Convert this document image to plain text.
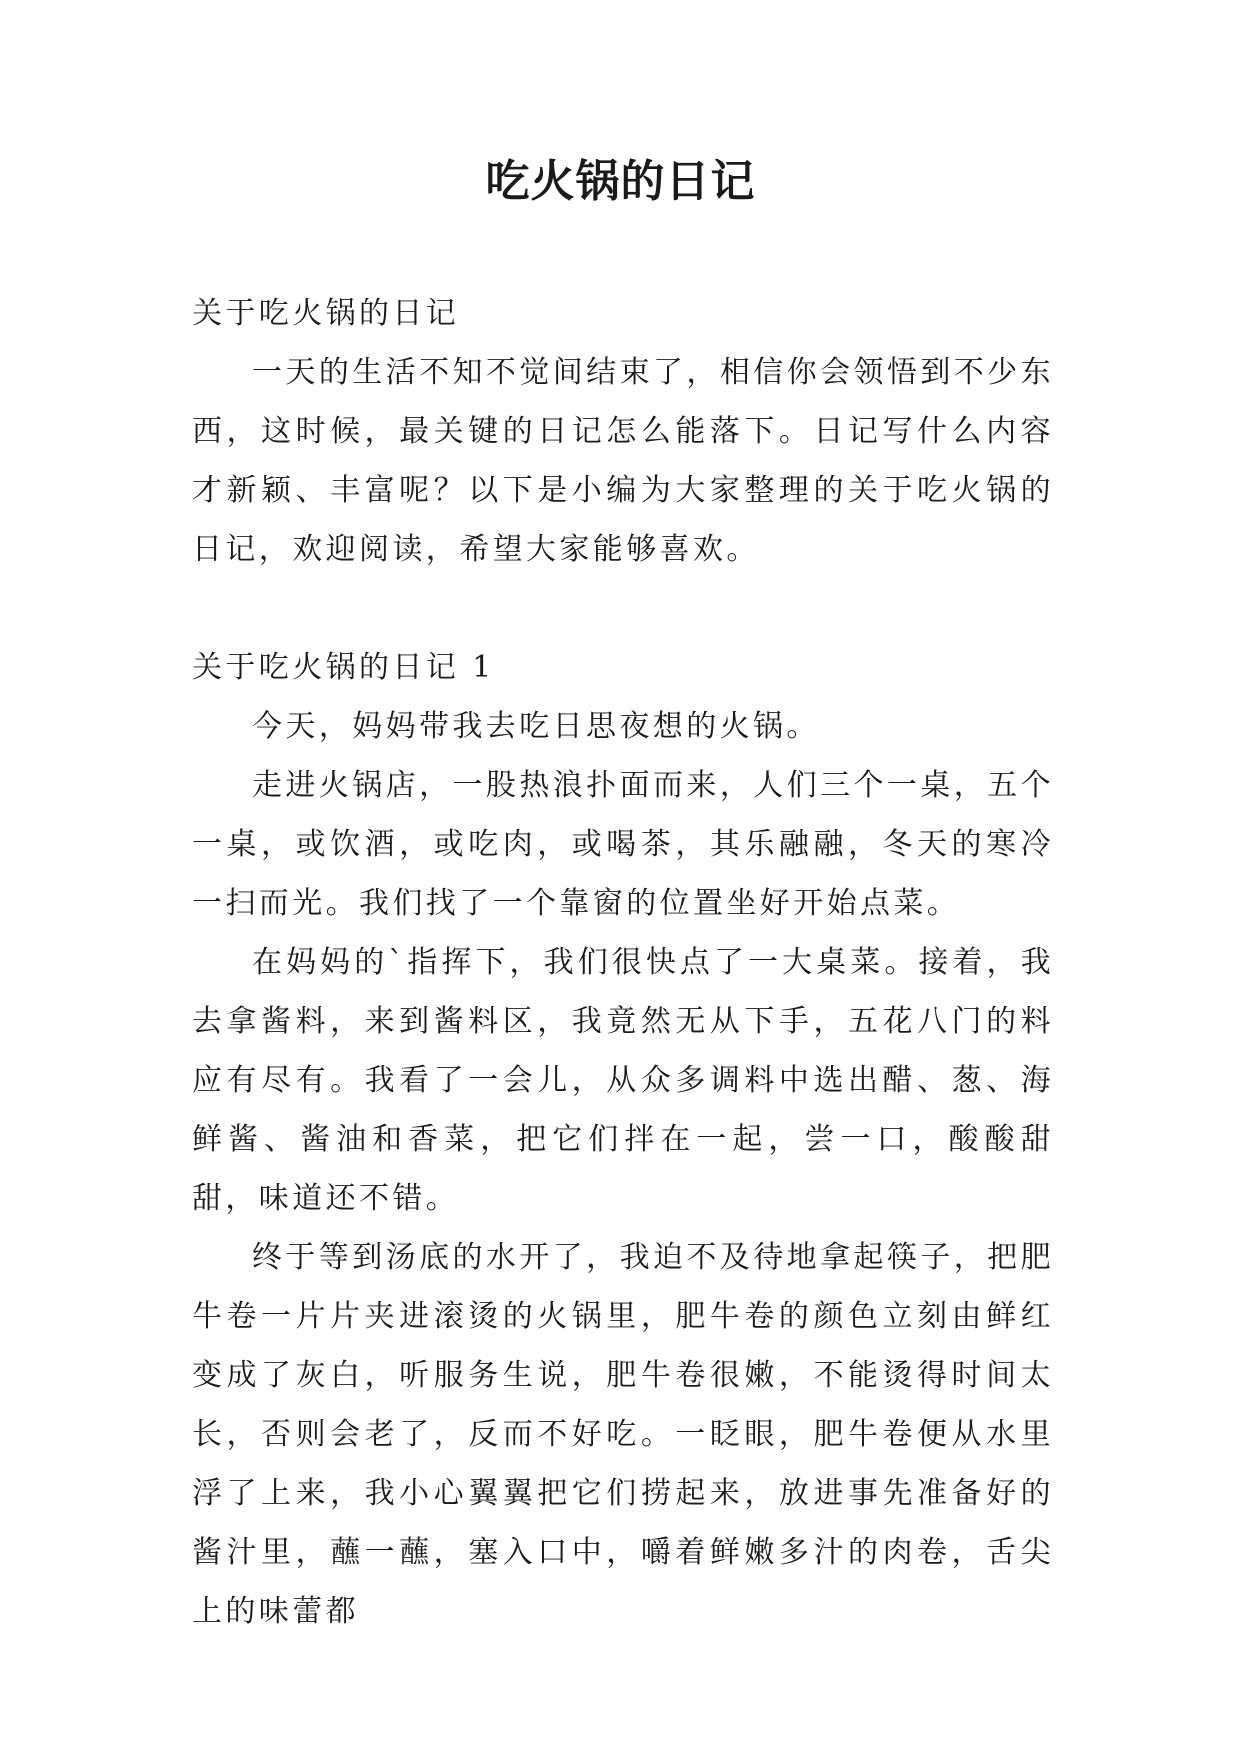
吃火锅的日记

关于吃火锅的日记

一天的生活不知不觉间结束了，相信你会领悟到不少东西，这时候，最关键的日记怎么能落下。日记写什么内容才新颖、丰富呢？以下是小编为大家整理的关于吃火锅的日记，欢迎阅读，希望大家能够喜欢。

关于吃火锅的日记 1

今天，妈妈带我去吃日思夜想的火锅。

走进火锅店，一股热浪扑面而来，人们三个一桌，五个一桌，或饮酒，或吃肉，或喝茶，其乐融融，冬天的寒冷一扫而光。我们找了一个靠窗的位置坐好开始点菜。

在妈妈的`指挥下，我们很快点了一大桌菜。接着，我去拿酱料，来到酱料区，我竟然无从下手，五花八门的料应有尽有。我看了一会儿，从众多调料中选出醋、葱、海鲜酱、酱油和香菜，把它们拌在一起，尝一口，酸酸甜甜，味道还不错。

终于等到汤底的水开了，我迫不及待地拿起筷子，把肥牛卷一片片夹进滚烫的火锅里，肥牛卷的颜色立刻由鲜红变成了灰白，听服务生说，肥牛卷很嫩，不能烫得时间太长，否则会老了，反而不好吃。一眨眼，肥牛卷便从水里浮了上来，我小心翼翼把它们捞起来，放进事先准备好的酱汁里，蘸一蘸，塞入口中，嚼着鲜嫩多汁的肉卷，舌尖上的味蕾都
